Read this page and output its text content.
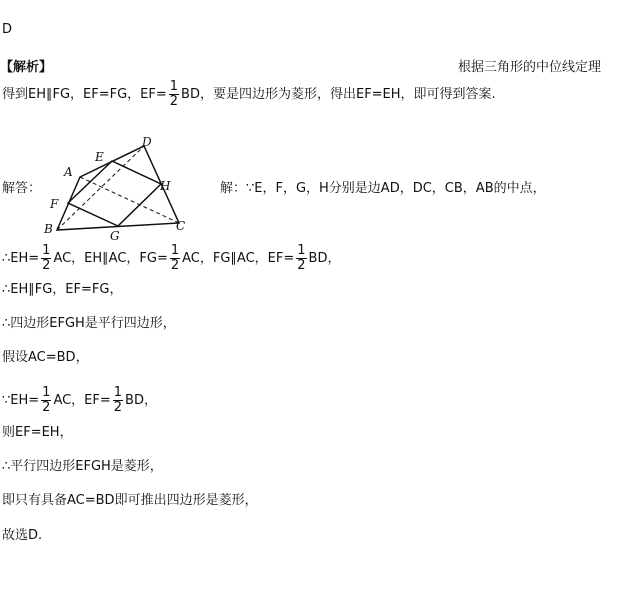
D
【解析】	根据三角形的中位线定理
得到EH∥FG，EF=FG，$EF= \frac{1}{2}$ BD，要是四边形为菱形，得出EF=EH，即可得到答案.
解答：
A
B	C
D
E
F
G
H	解：∵E，F，G，H分别是边AD，DC，CB，AB的中点，
∴EH= $\frac{1}{2}$ AC，EH∥AC，$FG= \frac{1}{2}$ AC，FG∥AC，$EF= \frac{1}{2}$ BD，
∴EH∥FG，EF=FG，
∴四边形EFGH是平行四边形，
假设AC=BD，
∵EH= $\frac{1}{2}$ AC，$EF= \frac{1}{2}$ BD，
则EF=EH，
∴平行四边形EFGH是菱形，
即只有具备AC=BD即可推出四边形是菱形，
故选D.
